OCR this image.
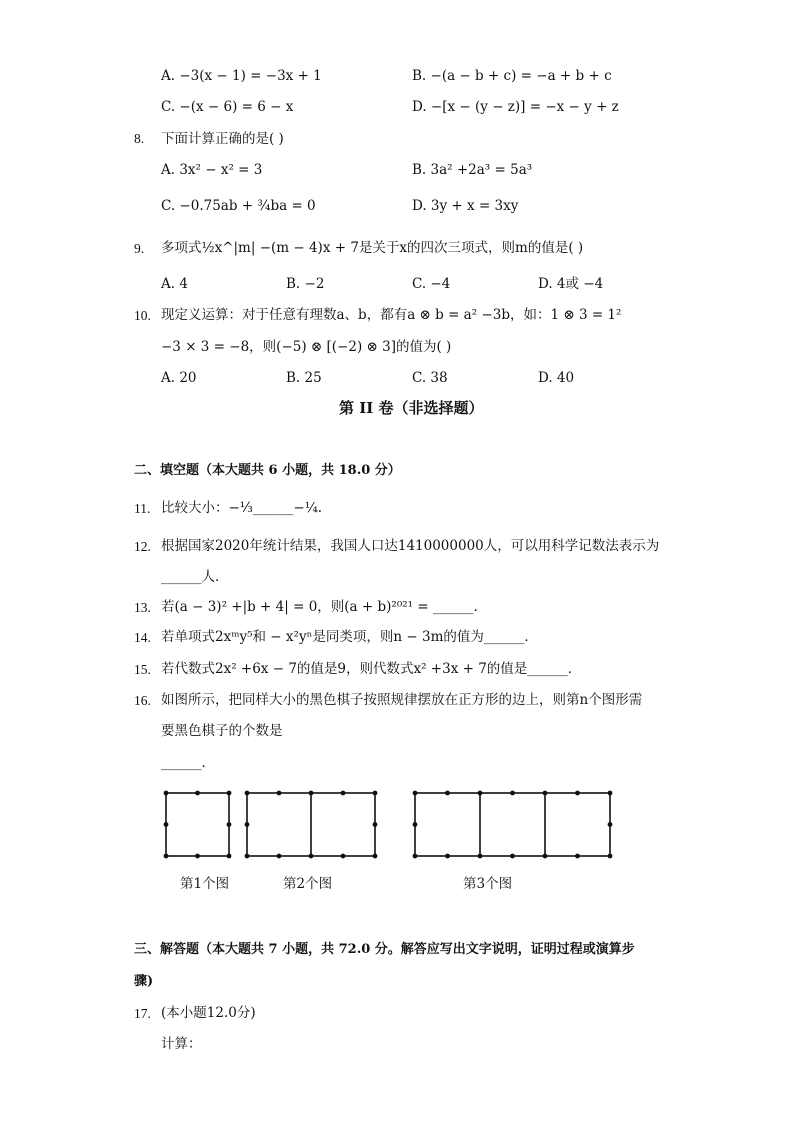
A. −3(x − 1) = −3x + 1	B. −(a − b + c) = −a + b + c
C. −(x − 6) = 6 − x	D. −[x − (y − z)] = −x − y + z
8. 下面计算正确的是( )
A. 3x² − x² = 3	B. 3a² +2a³ = 5a³
C. −0.75ab + ¾ba = 0	D. 3y + x = 3xy
9. 多项式½x^|m| −(m − 4)x + 7是关于x的四次三项式，则m的值是( )
A. 4	B. −2	C. −4	D. 4或 −4
10. 现定义运算：对于任意有理数a、b，都有a ⊗ b = a² −3b，如：1 ⊗ 3 = 1²
−3 × 3 = −8，则(−5) ⊗ [(−2) ⊗ 3]的值为( )
A. 20	B. 25	C. 38	D. 40
第 II 卷（非选择题）
二、填空题（本大题共 6 小题，共 18.0 分）
11. 比较大小：−⅓______−¼.
12. 根据国家2020年统计结果，我国人口达1410000000人，可以用科学记数法表示为
______人．
13. 若(a − 3)² +|b + 4| = 0，则(a + b)²⁰²¹ = ______．
14. 若单项式2xᵐy⁵和 − x²yⁿ是同类项，则n − 3m的值为______．
15. 若代数式2x² +6x − 7的值是9，则代数式x² +3x + 7的值是______．
16. 如图所示，把同样大小的黑色棋子按照规律摆放在正方形的边上，则第n个图形需
要黑色棋子的个数是
______．
第1个图	第2个图	第3个图
三、解答题（本大题共 7 小题，共 72.0 分。解答应写出文字说明，证明过程或演算步
骤)
17. (本小题12.0分)
计算：
